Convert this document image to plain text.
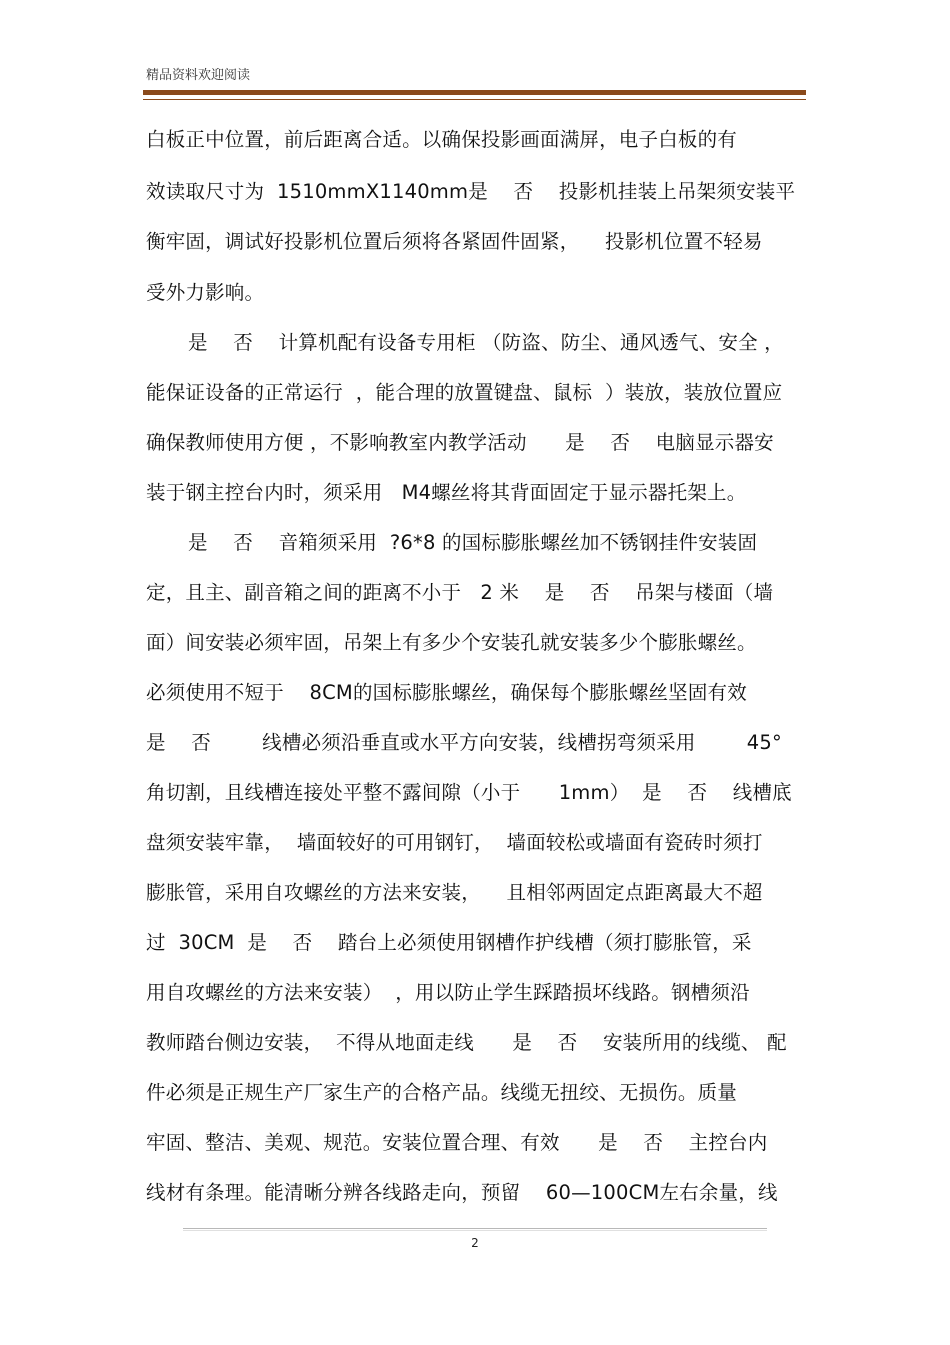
精品资料欢迎阅读
白板正中位置，前后距离合适。以确保投影画面满屏，电子白板的有
效读取尺寸为  1510mmX1140mm是    否    投影机挂装上吊架须安装平
衡牢固，调试好投影机位置后须将各紧固件固紧，    投影机位置不轻易
受外力影响。
是    否    计算机配有设备专用柜 （防盗、防尘、通风透气、安全 ，
能保证设备的正常运行  ，能合理的放置键盘、鼠标  ）装放，装放位置应
确保教师使用方便 ，不影响教室内教学活动      是    否    电脑显示器安
装于钢主控台内时，须采用   M4螺丝将其背面固定于显示器托架上。
是    否    音箱须采用  ?6*8 的国标膨胀螺丝加不锈钢挂件安装固
定，且主、副音箱之间的距离不小于   2 米    是    否    吊架与楼面（墙
面）间安装必须牢固，吊架上有多少个安装孔就安装多少个膨胀螺丝。
必须使用不短于    8CM的国标膨胀螺丝，确保每个膨胀螺丝坚固有效
是    否        线槽必须沿垂直或水平方向安装，线槽拐弯须采用        45°
角切割，且线槽连接处平整不露间隙（小于      1mm）  是    否    线槽底
盘须安装牢靠，  墙面较好的可用钢钉，  墙面较松或墙面有瓷砖时须打
膨胀管，采用自攻螺丝的方法来安装，    且相邻两固定点距离最大不超
过  30CM  是    否    踏台上必须使用钢槽作护线槽（须打膨胀管，采
用自攻螺丝的方法来安装）  ，用以防止学生踩踏损坏线路。钢槽须沿
教师踏台侧边安装，  不得从地面走线      是    否    安装所用的线缆、 配
件必须是正规生产厂家生产的合格产品。线缆无扭绞、无损伤。质量
牢固、整洁、美观、规范。安装位置合理、有效      是    否    主控台内
线材有条理。能清晰分辨各线路走向，预留    60—100CM左右余量，线
2
